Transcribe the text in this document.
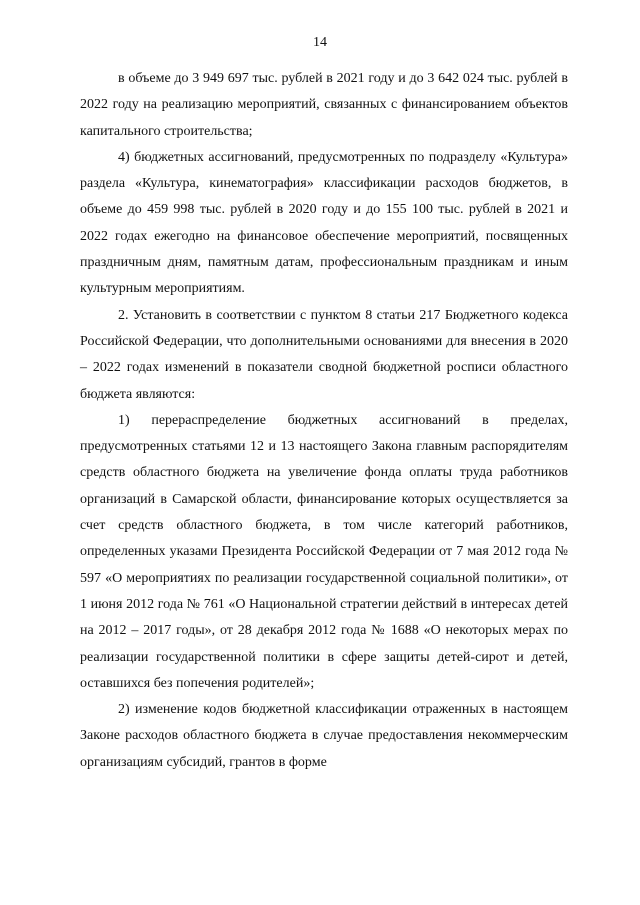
14

в объеме до 3 949 697 тыс. рублей в 2021 году и до 3 642 024 тыс. рублей в 2022 году на реализацию мероприятий, связанных с финансированием объектов капитального строительства;

4) бюджетных ассигнований, предусмотренных по подразделу «Культура» раздела «Культура, кинематография» классификации расходов бюджетов, в объеме до 459 998 тыс. рублей в 2020 году и до 155 100 тыс. рублей в 2021 и 2022 годах ежегодно на финансовое обеспечение мероприятий, посвященных праздничным дням, памятным датам, профессиональным праздникам и иным культурным мероприятиям.

2. Установить в соответствии с пунктом 8 статьи 217 Бюджетного кодекса Российской Федерации, что дополнительными основаниями для внесения в 2020 – 2022 годах изменений в показатели сводной бюджетной росписи областного бюджета являются:

1) перераспределение бюджетных ассигнований в пределах, предусмотренных статьями 12 и 13 настоящего Закона главным распорядителям средств областного бюджета на увеличение фонда оплаты труда работников организаций в Самарской области, финансирование которых осуществляется за счет средств областного бюджета, в том числе категорий работников, определенных указами Президента Российской Федерации от 7 мая 2012 года № 597 «О мероприятиях по реализации государственной социальной политики», от 1 июня 2012 года № 761 «О Национальной стратегии действий в интересах детей на 2012 – 2017 годы», от 28 декабря 2012 года № 1688 «О некоторых мерах по реализации государственной политики в сфере защиты детей-сирот и детей, оставшихся без попечения родителей»;

2) изменение кодов бюджетной классификации отраженных в настоящем Законе расходов областного бюджета в случае предоставления некоммерческим организациям субсидий, грантов в форме
